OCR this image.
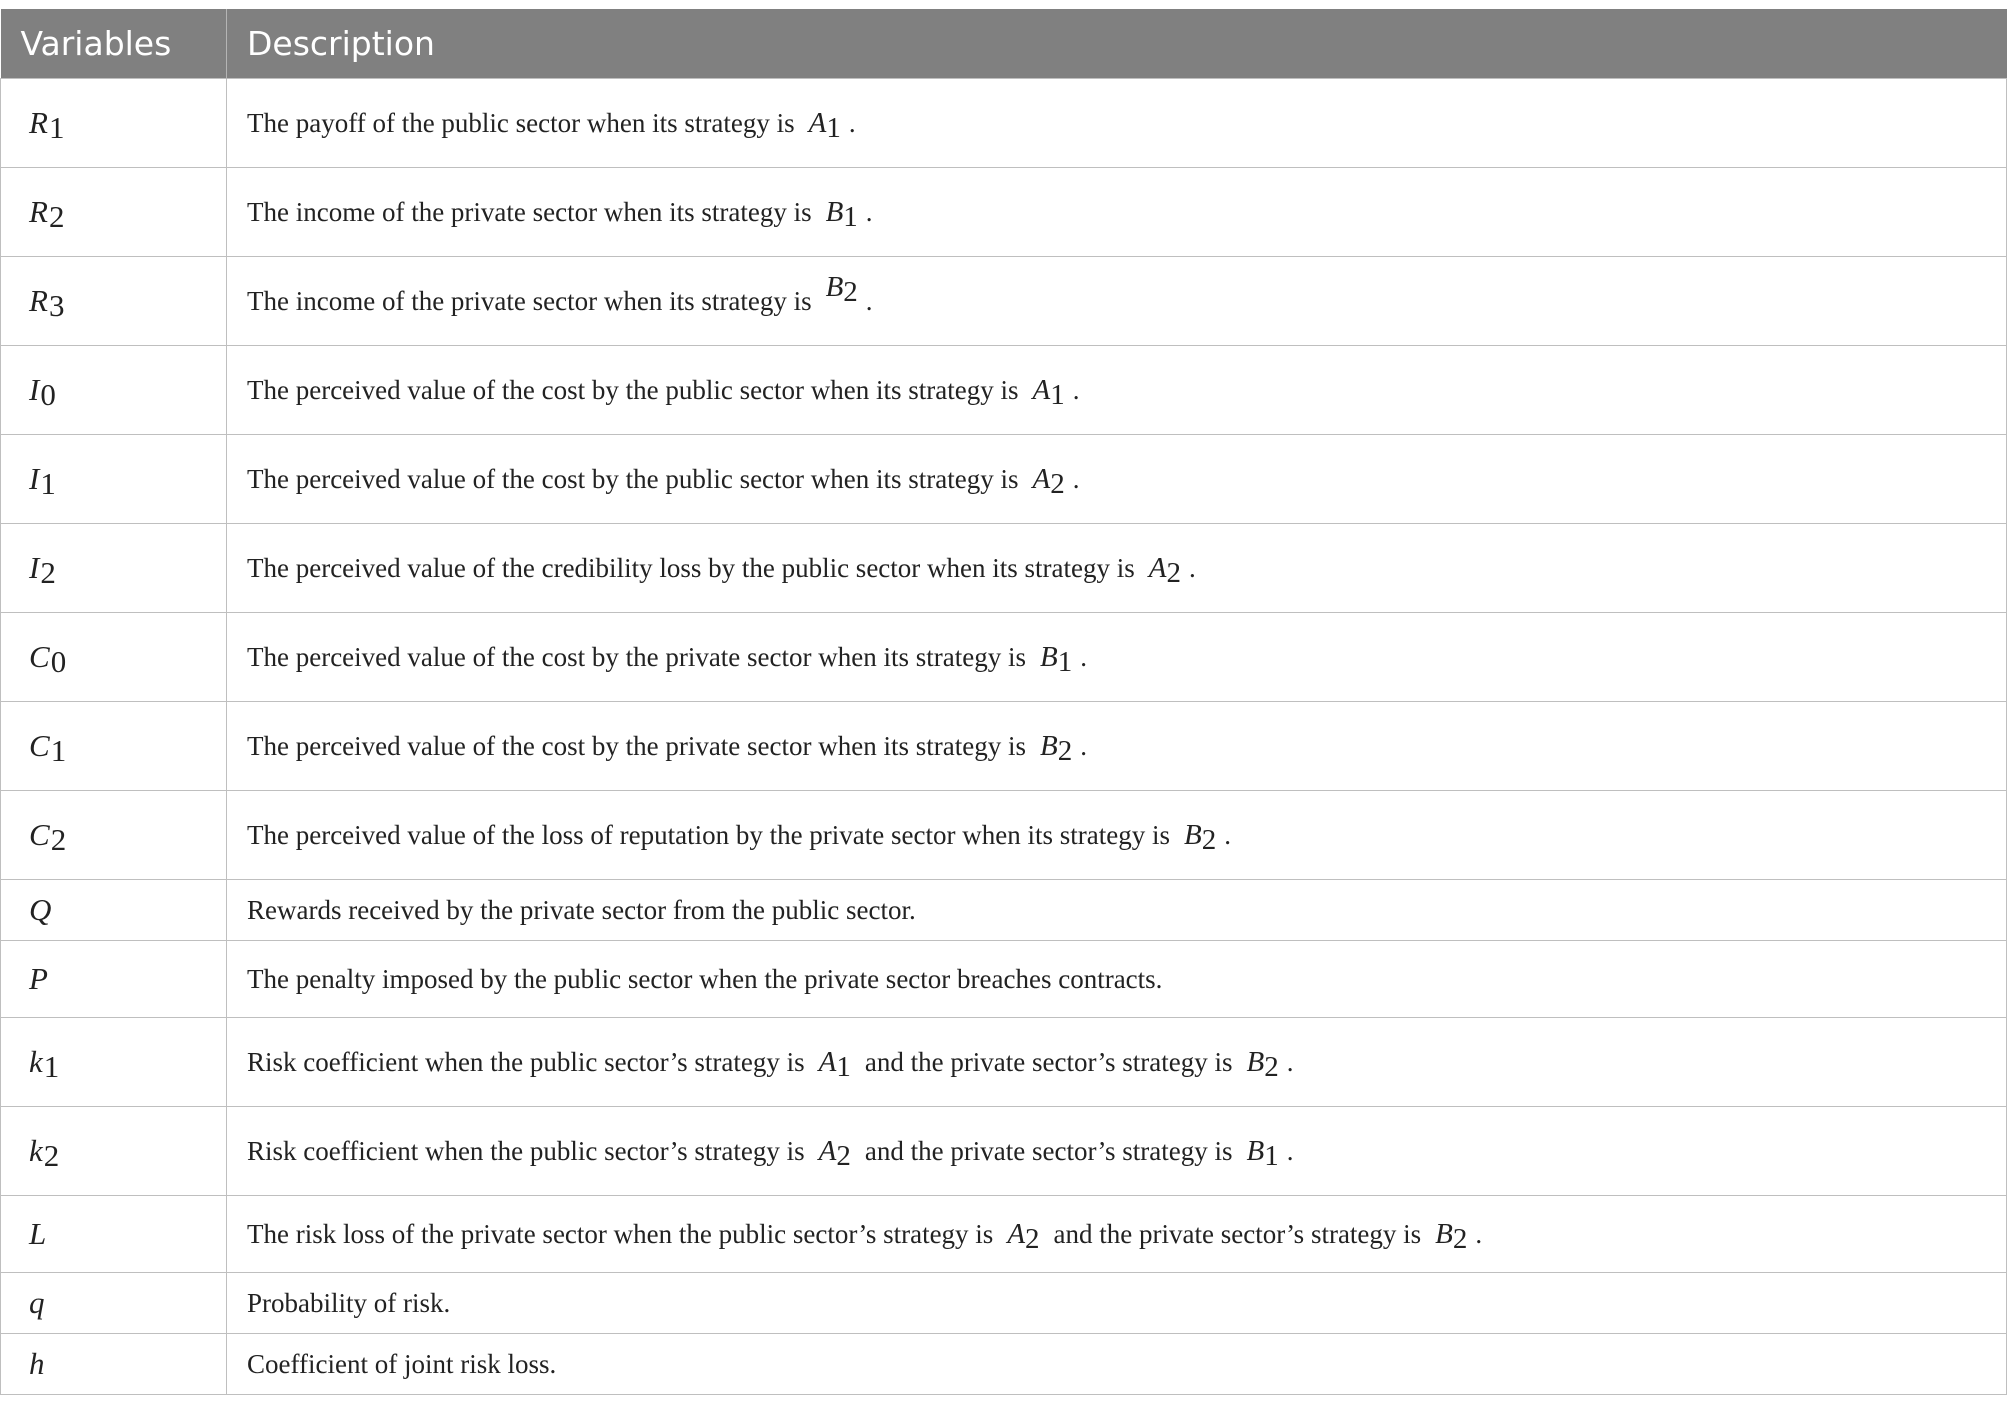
Variables	Description
R1	The payoff of the public sector when its strategy is A1 .
R2	The income of the private sector when its strategy is B1 .
R3	The income of the private sector when its strategy is B2 .
I0	The perceived value of the cost by the public sector when its strategy is A1 .
I1	The perceived value of the cost by the public sector when its strategy is A2 .
I2	The perceived value of the credibility loss by the public sector when its strategy is A2 .
C0	The perceived value of the cost by the private sector when its strategy is B1 .
C1	The perceived value of the cost by the private sector when its strategy is B2 .
C2	The perceived value of the loss of reputation by the private sector when its strategy is B2 .
Q	Rewards received by the private sector from the public sector.
P	The penalty imposed by the public sector when the private sector breaches contracts.
k1	Risk coefficient when the public sector’s strategy is A1 and the private sector’s strategy is B2 .
k2	Risk coefficient when the public sector’s strategy is A2 and the private sector’s strategy is B1 .
L	The risk loss of the private sector when the public sector’s strategy is A2 and the private sector’s strategy is B2 .
q	Probability of risk.
h	Coefficient of joint risk loss.
